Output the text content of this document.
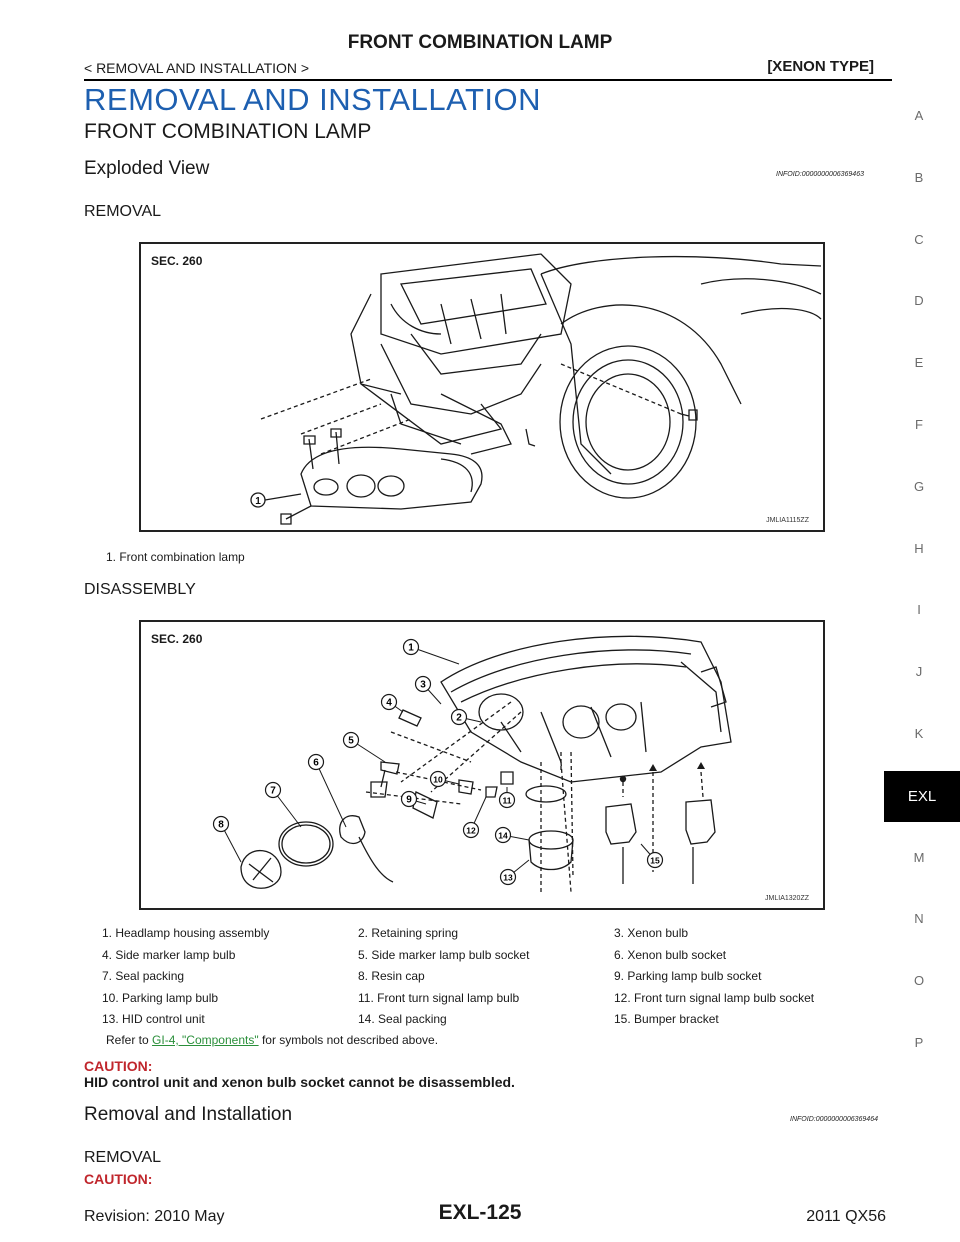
FRONT COMBINATION LAMP
< REMOVAL AND INSTALLATION >	[XENON TYPE]
REMOVAL AND INSTALLATION
FRONT COMBINATION LAMP
Exploded View	INFOID:0000000006369463
REMOVAL
SEC. 260
1
JMLIA1115ZZ
1. Front combination lamp
DISASSEMBLY
SEC. 260
1
2
3
4
5
6
7
8
9
10
11
12
13
14
15
JMLIA1320ZZ
1. Headlamp housing assembly	2. Retaining spring	3. Xenon bulb
4. Side marker lamp bulb	5. Side marker lamp bulb socket	6. Xenon bulb socket
7. Seal packing	8. Resin cap	9. Parking lamp bulb socket
10. Parking lamp bulb	11. Front turn signal lamp bulb	12. Front turn signal lamp bulb socket
13. HID control unit	14. Seal packing	15. Bumper bracket
Refer to GI-4, "Components" for symbols not described above.
CAUTION:
HID control unit and xenon bulb socket cannot be disassembled.
Removal and Installation	INFOID:0000000006369464
REMOVAL
CAUTION:
A
B
C
D
E
F
G
H
I
J
K
EXL
M
N
O
P
Revision: 2010 May	EXL-125	2011 QX56
